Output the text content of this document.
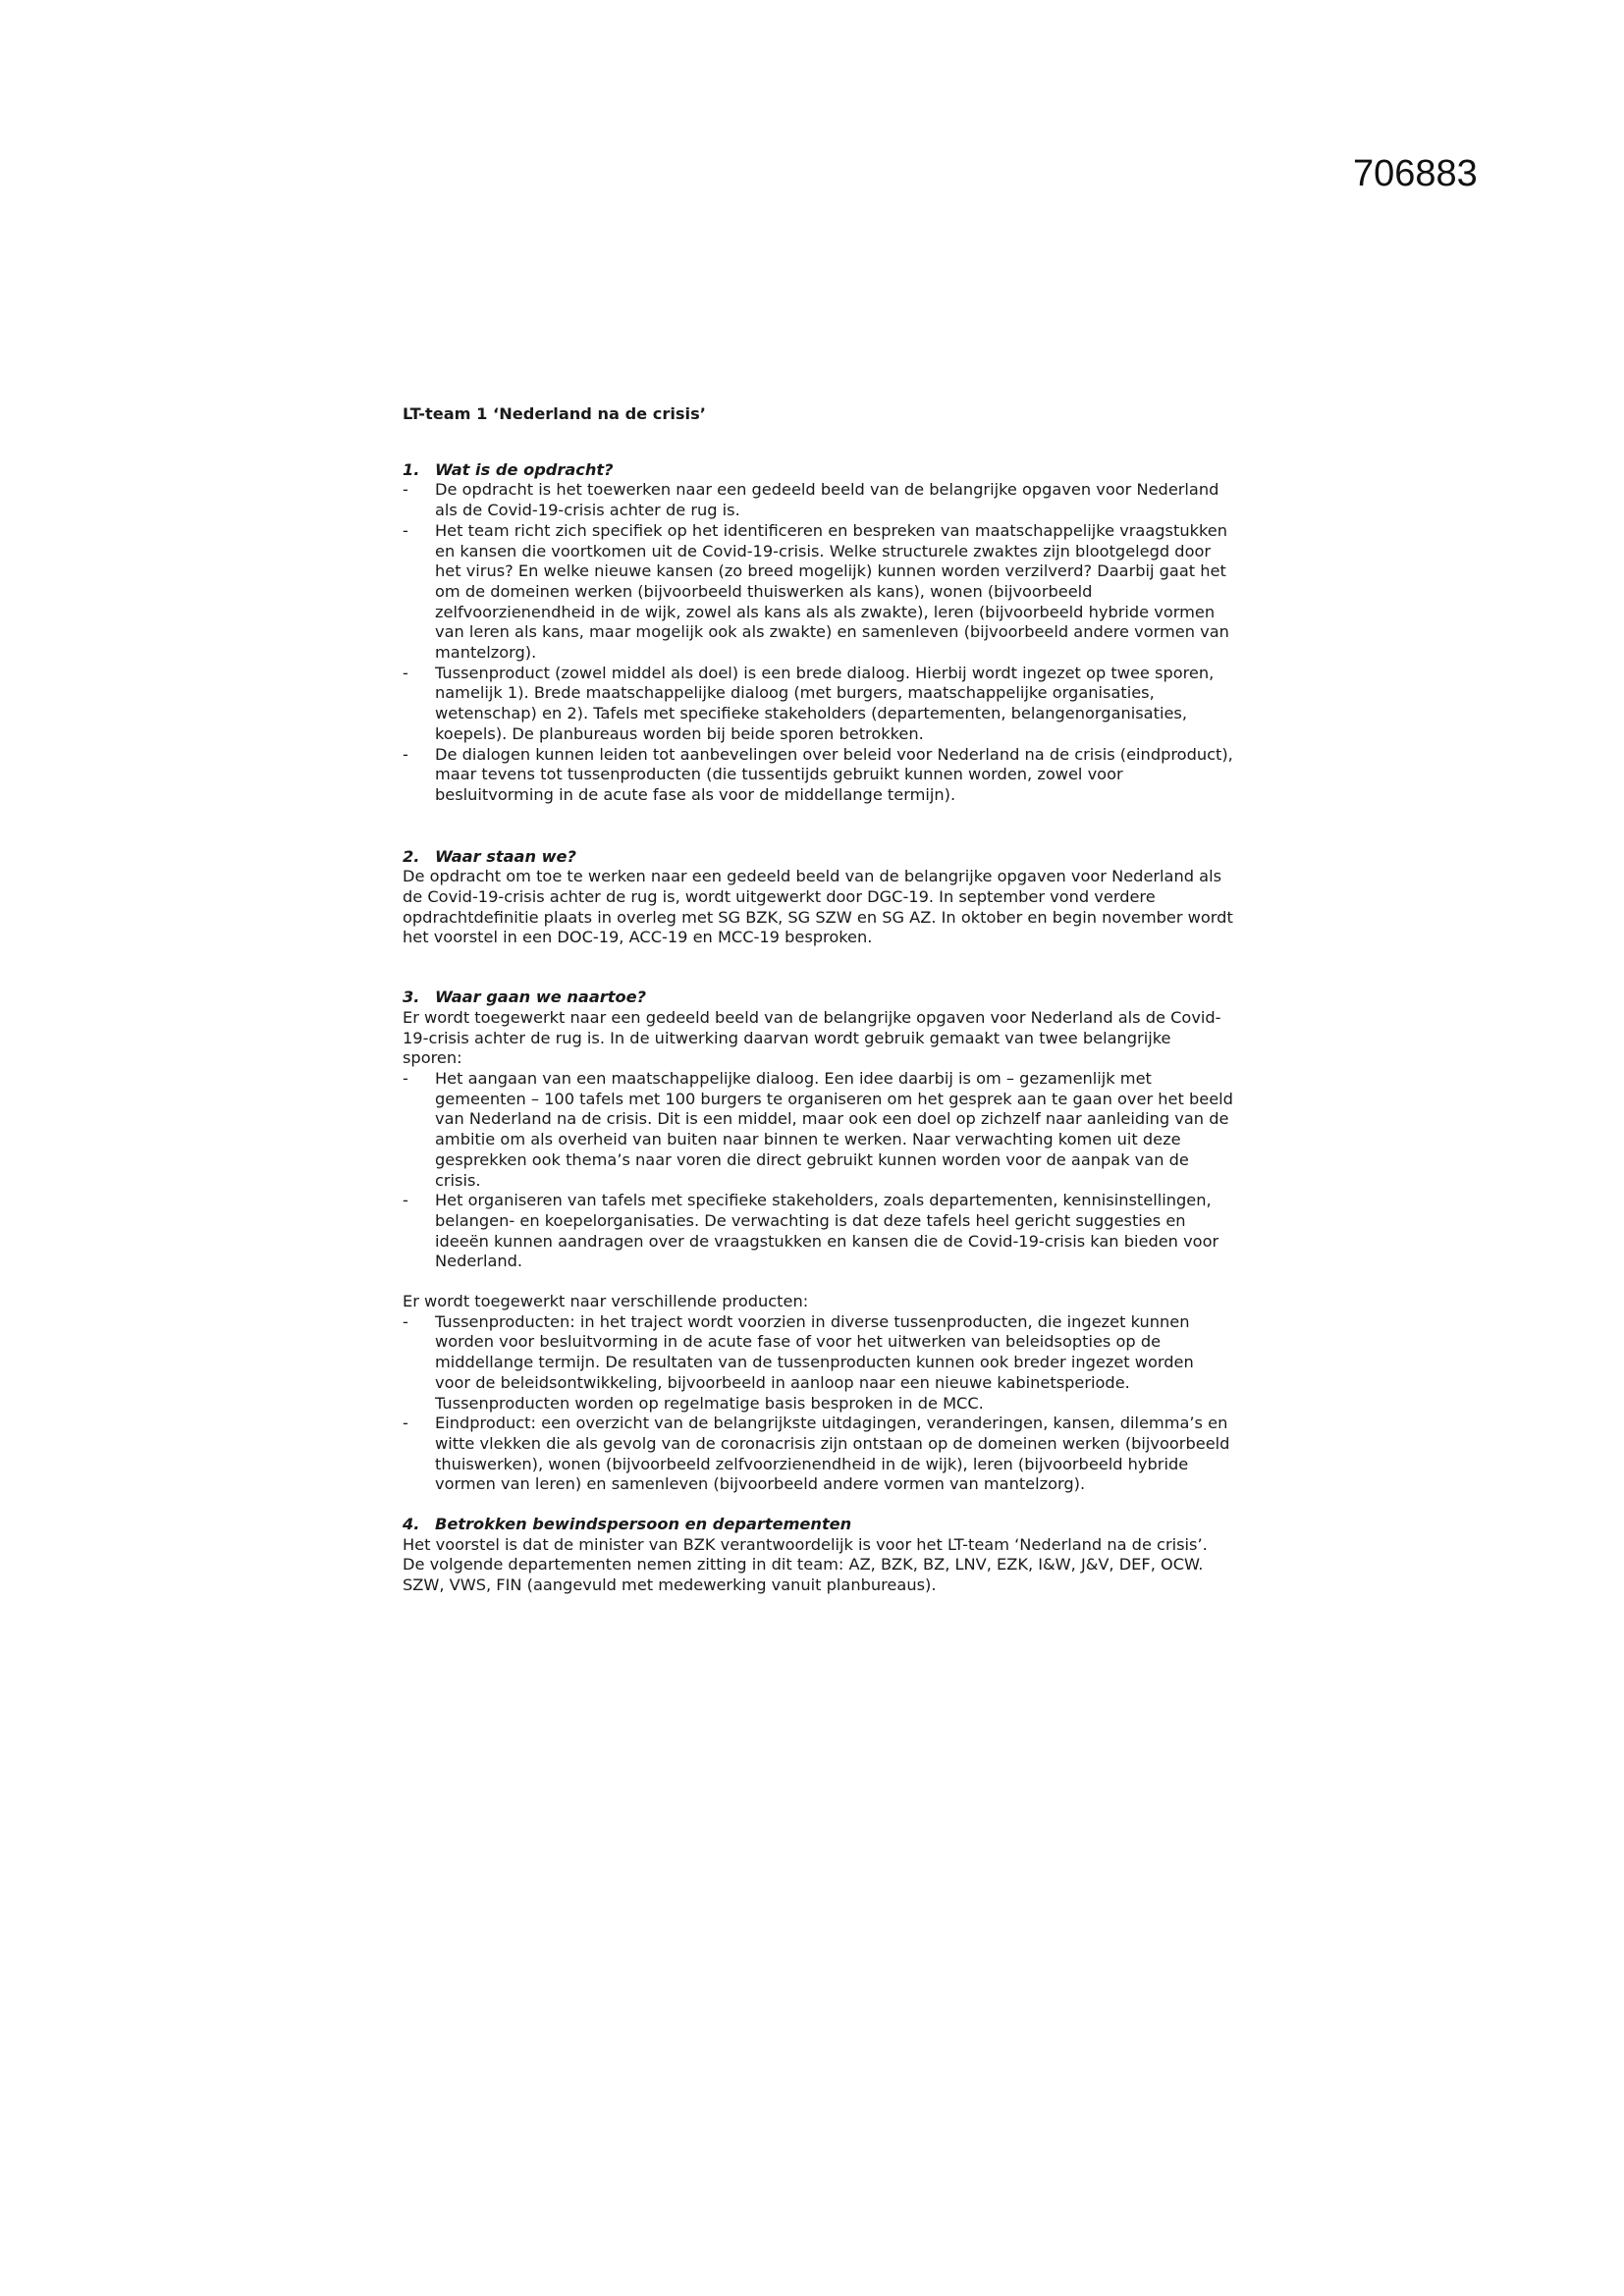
706883
LT-team 1 ‘Nederland na de crisis’
1. Wat is de opdracht?
-	De opdracht is het toewerken naar een gedeeld beeld van de belangrijke opgaven voor Nederland als de Covid-19-crisis achter de rug is.
-	Het team richt zich specifiek op het identificeren en bespreken van maatschappelijke vraagstukken en kansen die voortkomen uit de Covid-19-crisis. Welke structurele zwaktes zijn blootgelegd door het virus? En welke nieuwe kansen (zo breed mogelijk) kunnen worden verzilverd? Daarbij gaat het om de domeinen werken (bijvoorbeeld thuiswerken als kans), wonen (bijvoorbeeld zelfvoorzienendheid in de wijk, zowel als kans als als zwakte), leren (bijvoorbeeld hybride vormen van leren als kans, maar mogelijk ook als zwakte) en samenleven (bijvoorbeeld andere vormen van mantelzorg).
-	Tussenproduct (zowel middel als doel) is een brede dialoog. Hierbij wordt ingezet op twee sporen, namelijk 1). Brede maatschappelijke dialoog (met burgers, maatschappelijke organisaties, wetenschap) en 2). Tafels met specifieke stakeholders (departementen, belangenorganisaties, koepels). De planbureaus worden bij beide sporen betrokken.
-	De dialogen kunnen leiden tot aanbevelingen over beleid voor Nederland na de crisis (eindproduct), maar tevens tot tussenproducten (die tussentijds gebruikt kunnen worden, zowel voor besluitvorming in de acute fase als voor de middellange termijn).
2. Waar staan we?

De opdracht om toe te werken naar een gedeeld beeld van de belangrijke opgaven voor Nederland als de Covid-19-crisis achter de rug is, wordt uitgewerkt door DGC-19. In september vond verdere opdrachtdefinitie plaats in overleg met SG BZK, SG SZW en SG AZ. In oktober en begin november wordt het voorstel in een DOC-19, ACC-19 en MCC-19 besproken.

3. Waar gaan we naartoe?

Er wordt toegewerkt naar een gedeeld beeld van de belangrijke opgaven voor Nederland als de Covid-19-crisis achter de rug is. In de uitwerking daarvan wordt gebruik gemaakt van twee belangrijke sporen:

-	Het aangaan van een maatschappelijke dialoog. Een idee daarbij is om – gezamenlijk met gemeenten – 100 tafels met 100 burgers te organiseren om het gesprek aan te gaan over het beeld van Nederland na de crisis. Dit is een middel, maar ook een doel op zichzelf naar aanleiding van de ambitie om als overheid van buiten naar binnen te werken. Naar verwachting komen uit deze gesprekken ook thema’s naar voren die direct gebruikt kunnen worden voor de aanpak van de crisis.
-	Het organiseren van tafels met specifieke stakeholders, zoals departementen, kennisinstellingen, belangen- en koepelorganisaties. De verwachting is dat deze tafels heel gericht suggesties en ideeën kunnen aandragen over de vraagstukken en kansen die de Covid-19-crisis kan bieden voor Nederland.

Er wordt toegewerkt naar verschillende producten:

-	Tussenproducten: in het traject wordt voorzien in diverse tussenproducten, die ingezet kunnen worden voor besluitvorming in de acute fase of voor het uitwerken van beleidsopties op de middellange termijn. De resultaten van de tussenproducten kunnen ook breder ingezet worden voor de beleidsontwikkeling, bijvoorbeeld in aanloop naar een nieuwe kabinetsperiode. Tussenproducten worden op regelmatige basis besproken in de MCC.
-	Eindproduct: een overzicht van de belangrijkste uitdagingen, veranderingen, kansen, dilemma’s en witte vlekken die als gevolg van de coronacrisis zijn ontstaan op de domeinen werken (bijvoorbeeld thuiswerken), wonen (bijvoorbeeld zelfvoorzienendheid in de wijk), leren (bijvoorbeeld hybride vormen van leren) en samenleven (bijvoorbeeld andere vormen van mantelzorg).
4. Betrokken bewindspersoon en departementen

Het voorstel is dat de minister van BZK verantwoordelijk is voor het LT-team ‘Nederland na de crisis’. De volgende departementen nemen zitting in dit team: AZ, BZK, BZ, LNV, EZK, I&W, J&V, DEF, OCW. SZW, VWS, FIN (aangevuld met medewerking vanuit planbureaus).
